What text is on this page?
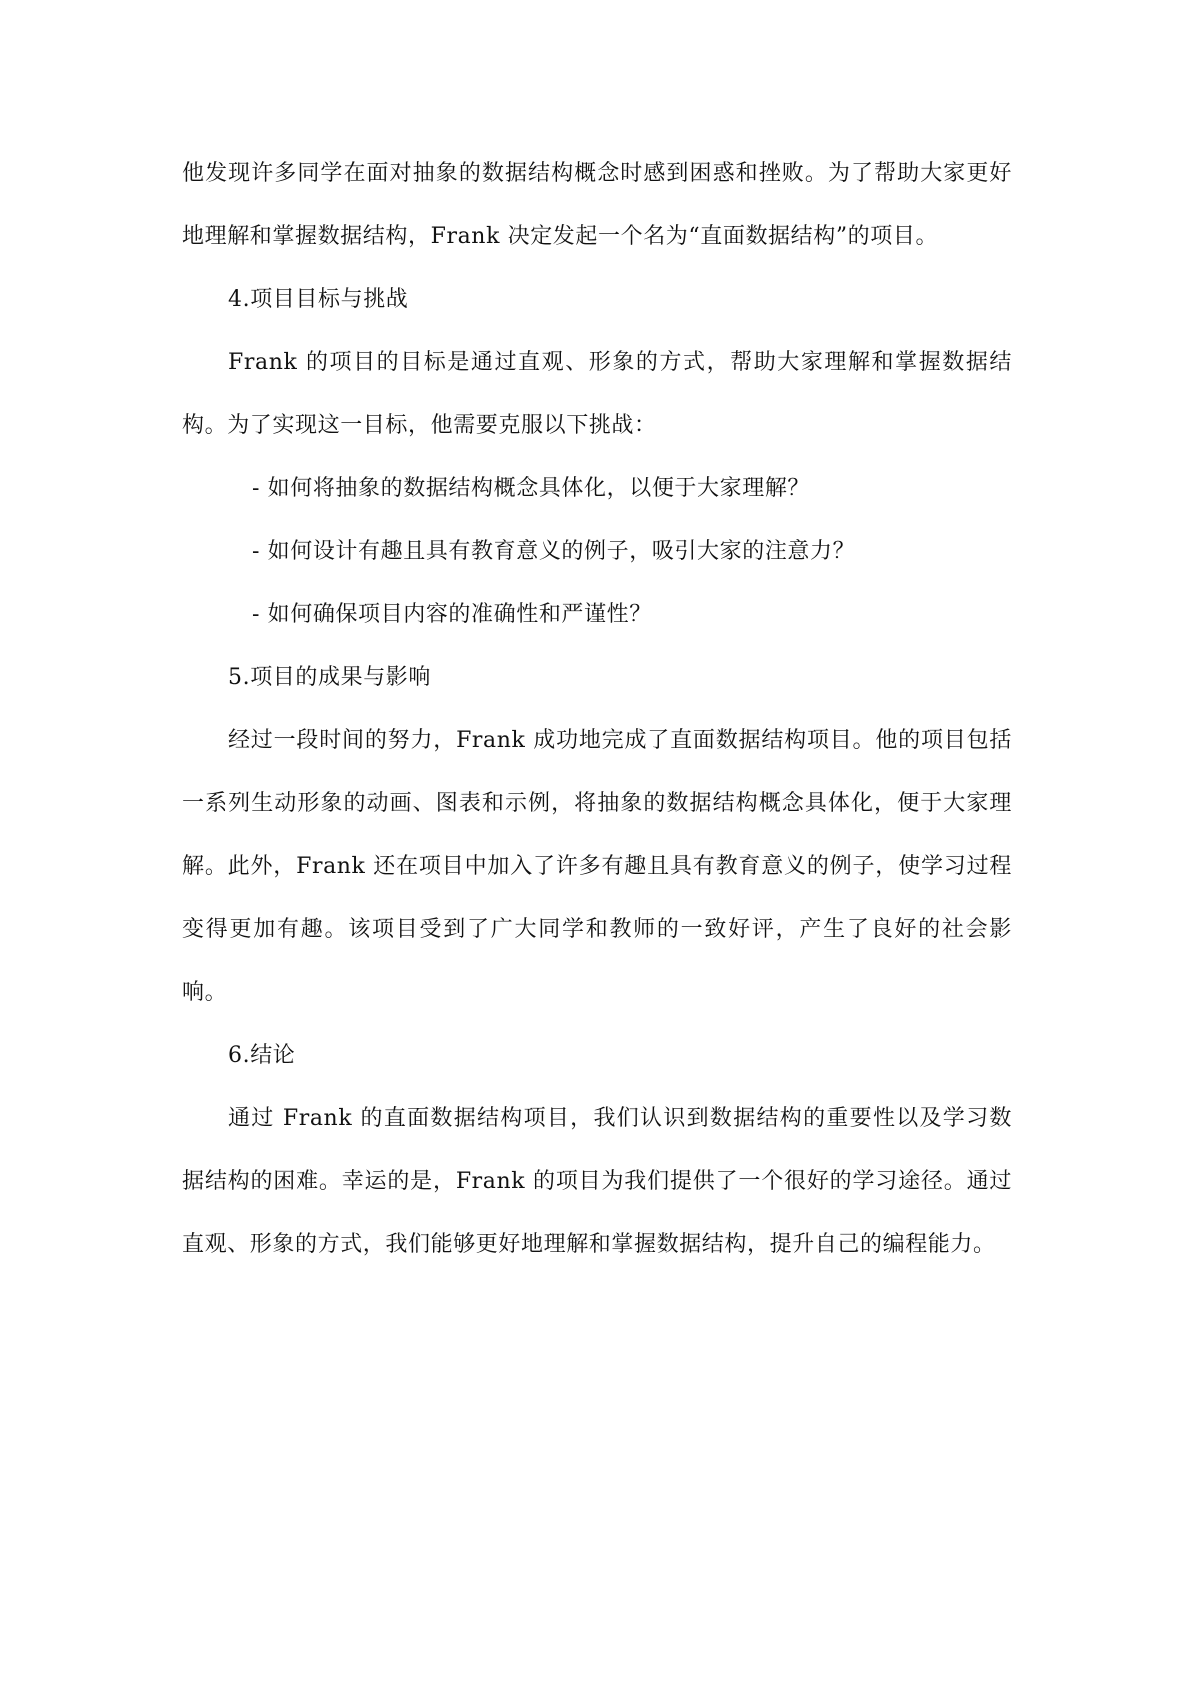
他发现许多同学在面对抽象的数据结构概念时感到困惑和挫败。为了帮助大家更好地理解和掌握数据结构，Frank 决定发起一个名为“直面数据结构”的项目。

4.项目目标与挑战

Frank 的项目的目标是通过直观、形象的方式，帮助大家理解和掌握数据结构。为了实现这一目标，他需要克服以下挑战：

- 如何将抽象的数据结构概念具体化，以便于大家理解？

- 如何设计有趣且具有教育意义的例子，吸引大家的注意力？

- 如何确保项目内容的准确性和严谨性？

5.项目的成果与影响

经过一段时间的努力，Frank 成功地完成了直面数据结构项目。他的项目包括一系列生动形象的动画、图表和示例，将抽象的数据结构概念具体化，便于大家理解。此外，Frank 还在项目中加入了许多有趣且具有教育意义的例子，使学习过程变得更加有趣。该项目受到了广大同学和教师的一致好评，产生了良好的社会影响。

6.结论

通过 Frank 的直面数据结构项目，我们认识到数据结构的重要性以及学习数据结构的困难。幸运的是，Frank 的项目为我们提供了一个很好的学习途径。通过直观、形象的方式，我们能够更好地理解和掌握数据结构，提升自己的编程能力。
